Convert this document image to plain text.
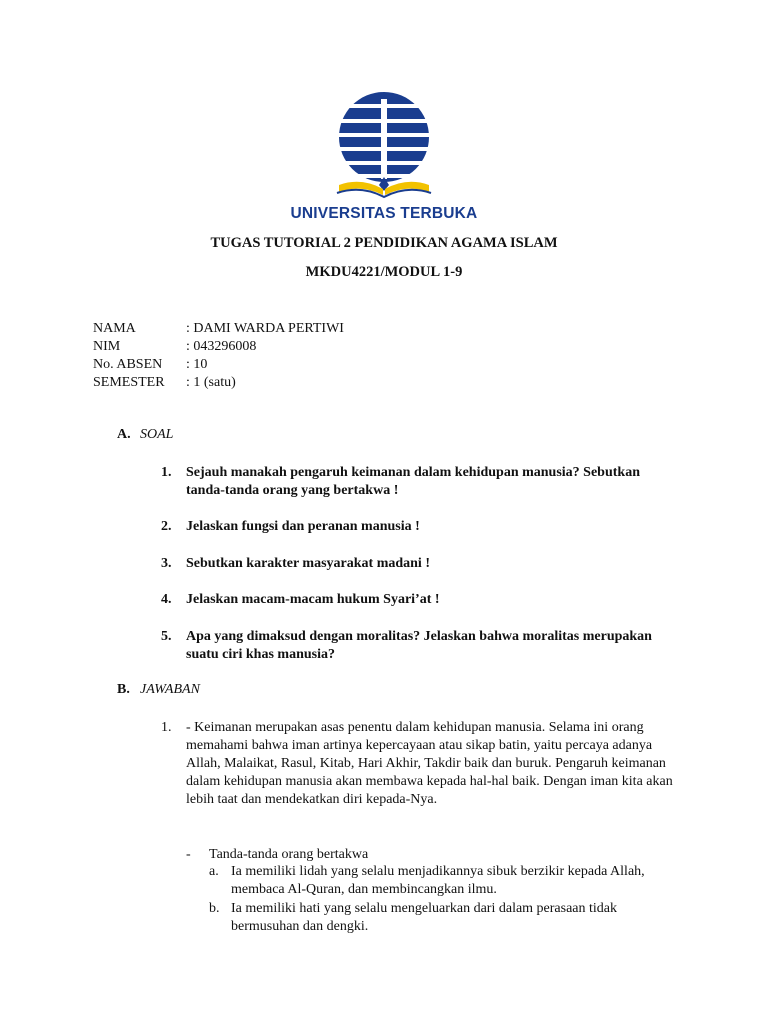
UNIVERSITAS TERBUKA
TUGAS TUTORIAL 2 PENDIDIKAN AGAMA ISLAM
MKDU4221/MODUL 1-9
NAMA	: DAMI WARDA PERTIWI
NIM	: 043296008
No. ABSEN	: 10
SEMESTER	: 1 (satu)
A. SOAL
1. Sejauh manakah pengaruh keimanan dalam kehidupan manusia? Sebutkan tanda-tanda orang yang bertakwa !
2. Jelaskan fungsi dan peranan manusia !
3. Sebutkan karakter masyarakat madani !
4. Jelaskan macam-macam hukum Syari’at !
5. Apa yang dimaksud dengan moralitas? Jelaskan bahwa moralitas merupakan suatu ciri khas manusia?
B. JAWABAN
1. - Keimanan merupakan asas penentu dalam kehidupan manusia. Selama ini orang memahami bahwa iman artinya kepercayaan atau sikap batin, yaitu percaya adanya Allah, Malaikat, Rasul, Kitab, Hari Akhir, Takdir baik dan buruk. Pengaruh keimanan dalam kehidupan manusia akan membawa kepada hal-hal baik. Dengan iman kita akan lebih taat dan mendekatkan diri kepada-Nya.
- Tanda-tanda orang bertakwa
a. Ia memiliki lidah yang selalu menjadikannya sibuk berzikir kepada Allah, membaca Al-Quran, dan membincangkan ilmu.
b. Ia memiliki hati yang selalu mengeluarkan dari dalam perasaan tidak bermusuhan dan dengki.
